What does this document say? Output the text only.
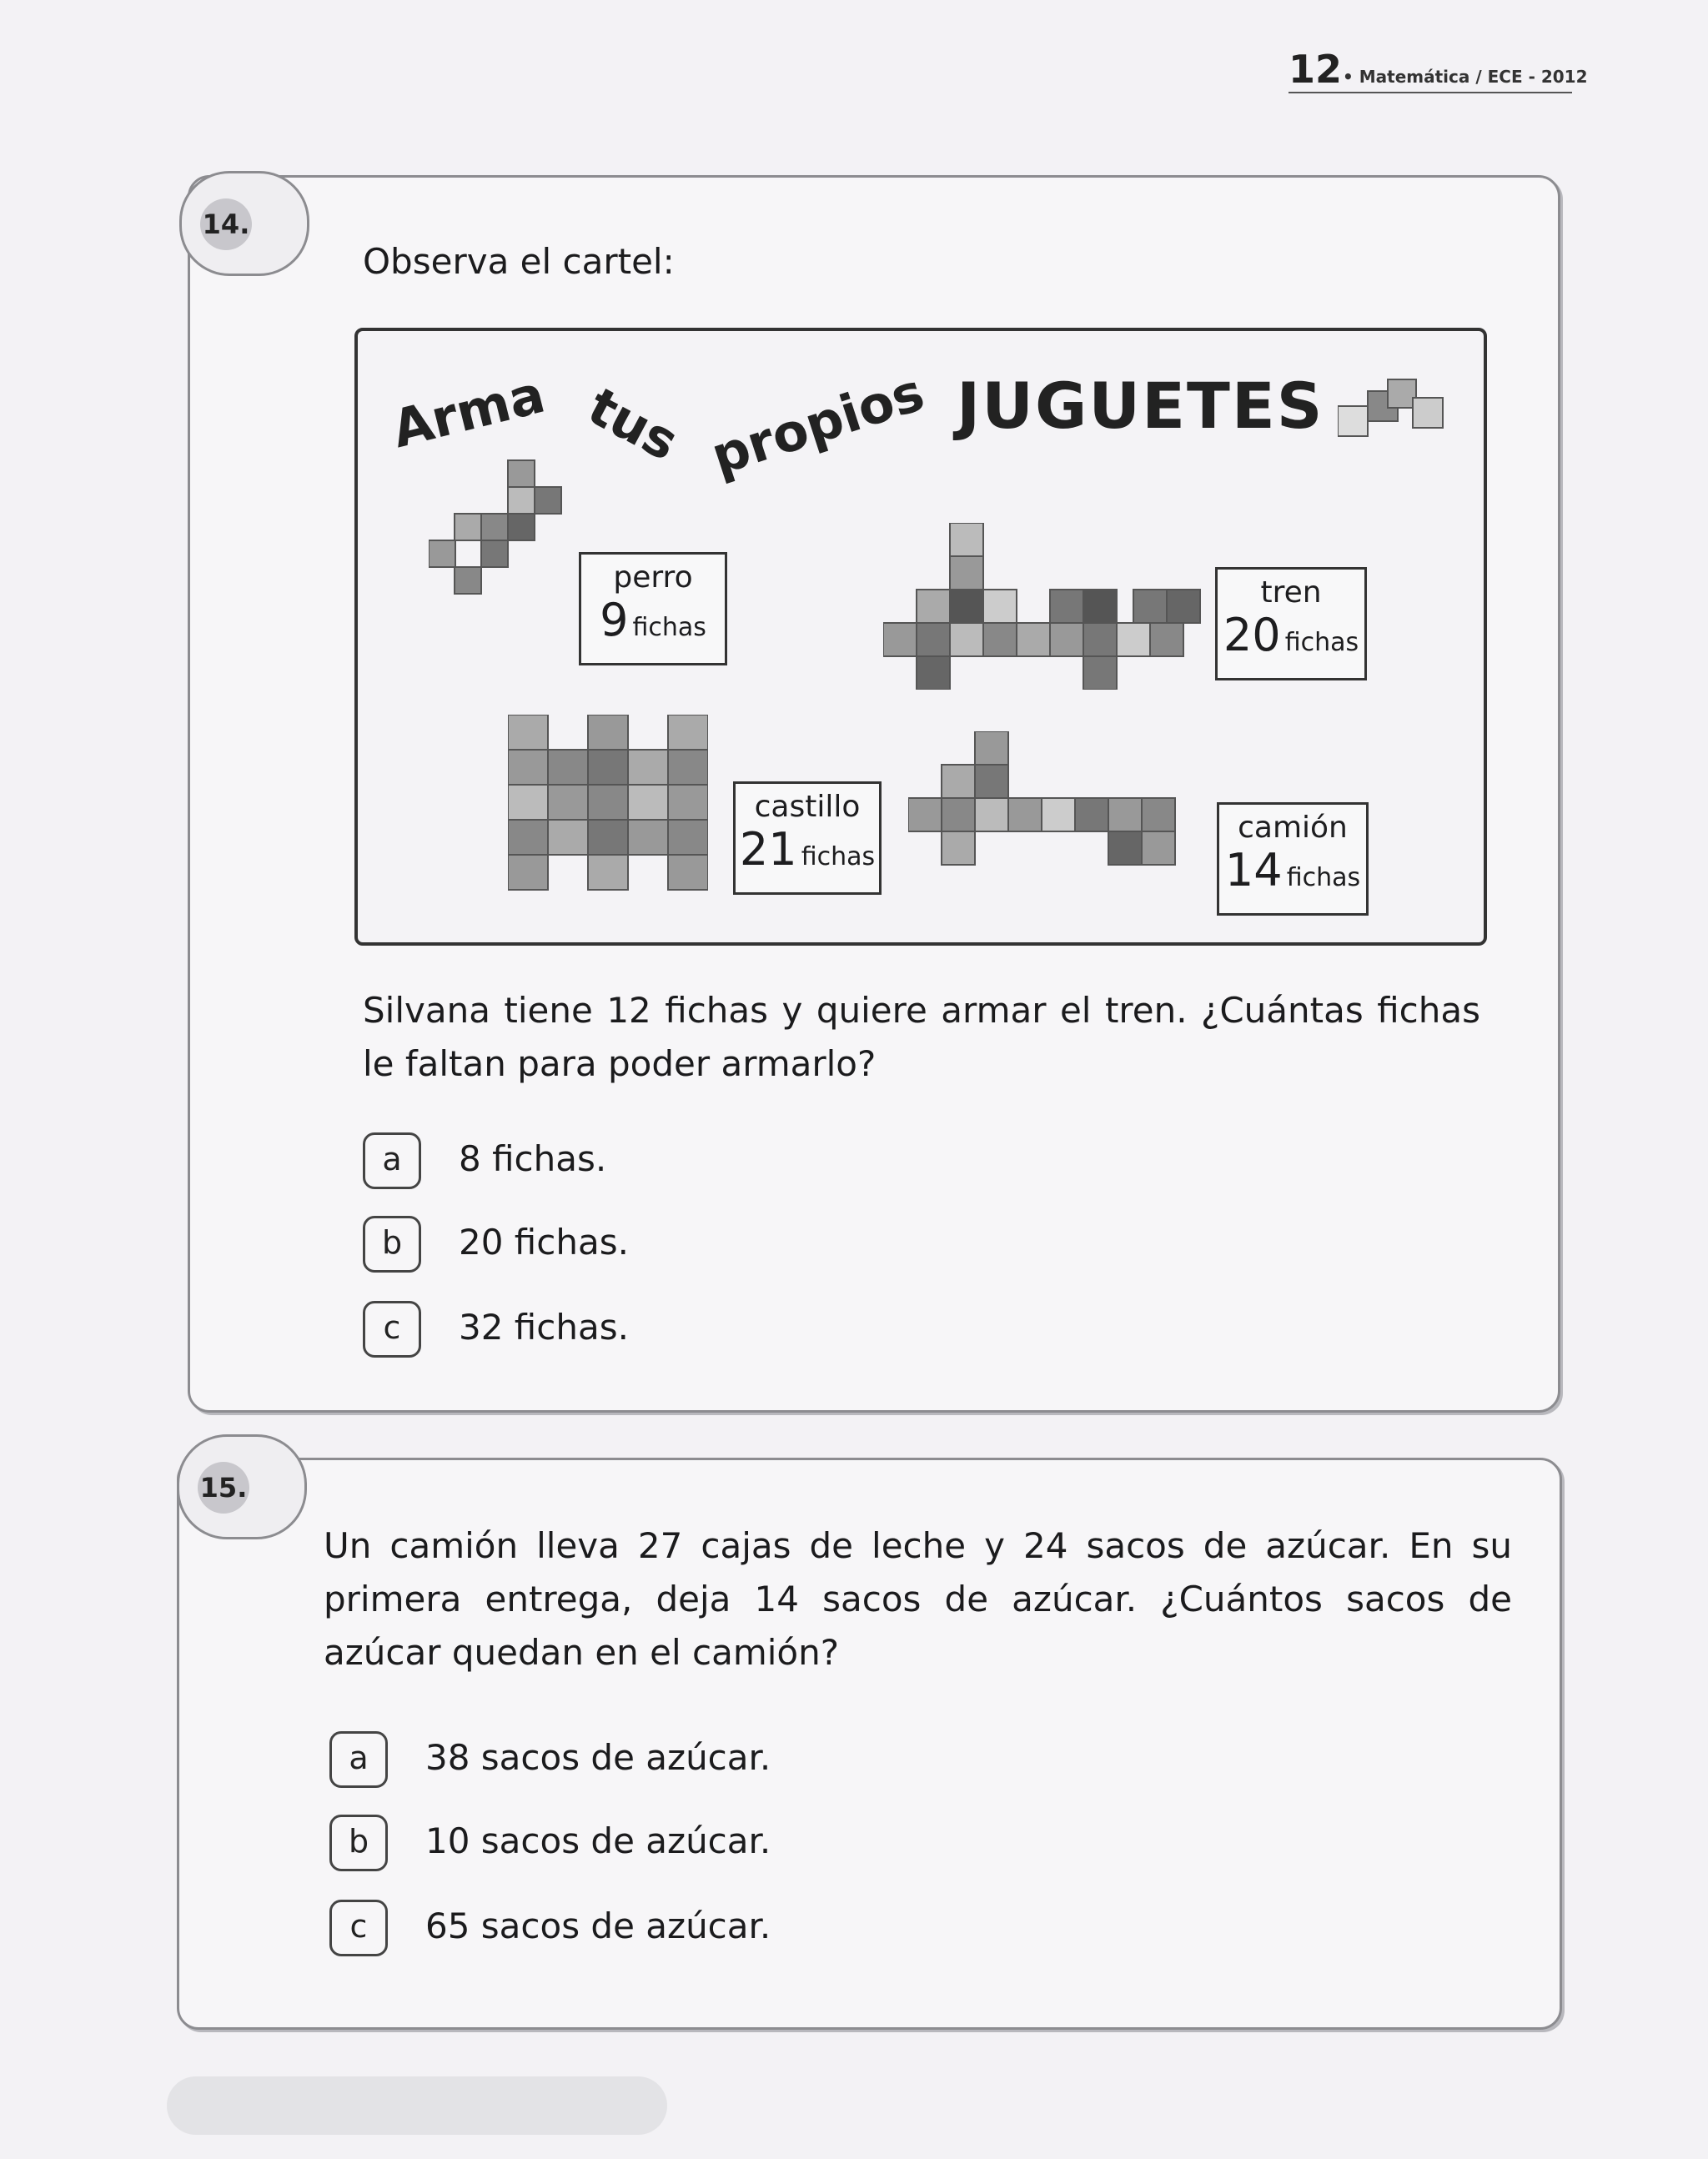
12 • Matemática / ECE - 2012
14.
Observa el cartel:
Arma tus propios JUGUETES
perro
9 fichas
tren
20 fichas
castillo
21 fichas
camión
14 fichas
Silvana tiene 12 fichas y quiere armar el tren. ¿Cuántas fichas le faltan para poder armarlo?
a	8 fichas.
b	20 fichas.
c	32 fichas.
15.
Un camión lleva 27 cajas de leche y 24 sacos de azúcar. En su primera entrega, deja 14 sacos de azúcar. ¿Cuántos sacos de azúcar quedan en el camión?
a	38 sacos de azúcar.
b	10 sacos de azúcar.
c	65 sacos de azúcar.
